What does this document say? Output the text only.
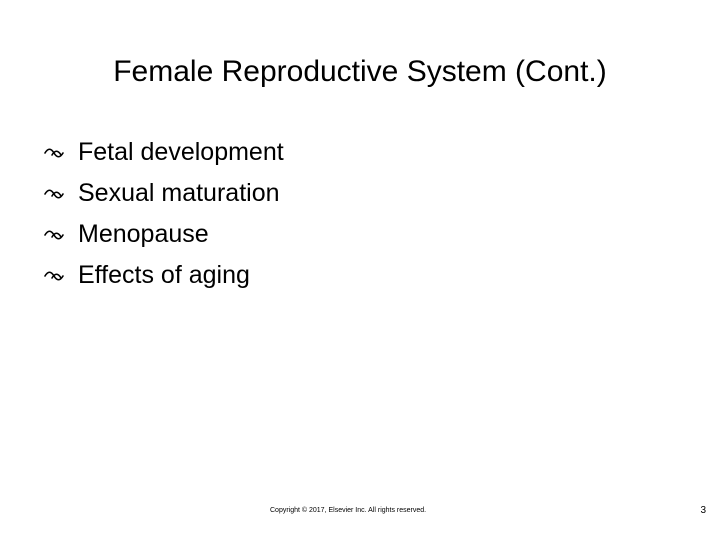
Female Reproductive System (Cont.)
Fetal development
Sexual maturation
Menopause
Effects of aging
Copyright © 2017, Elsevier Inc. All rights reserved.	3
